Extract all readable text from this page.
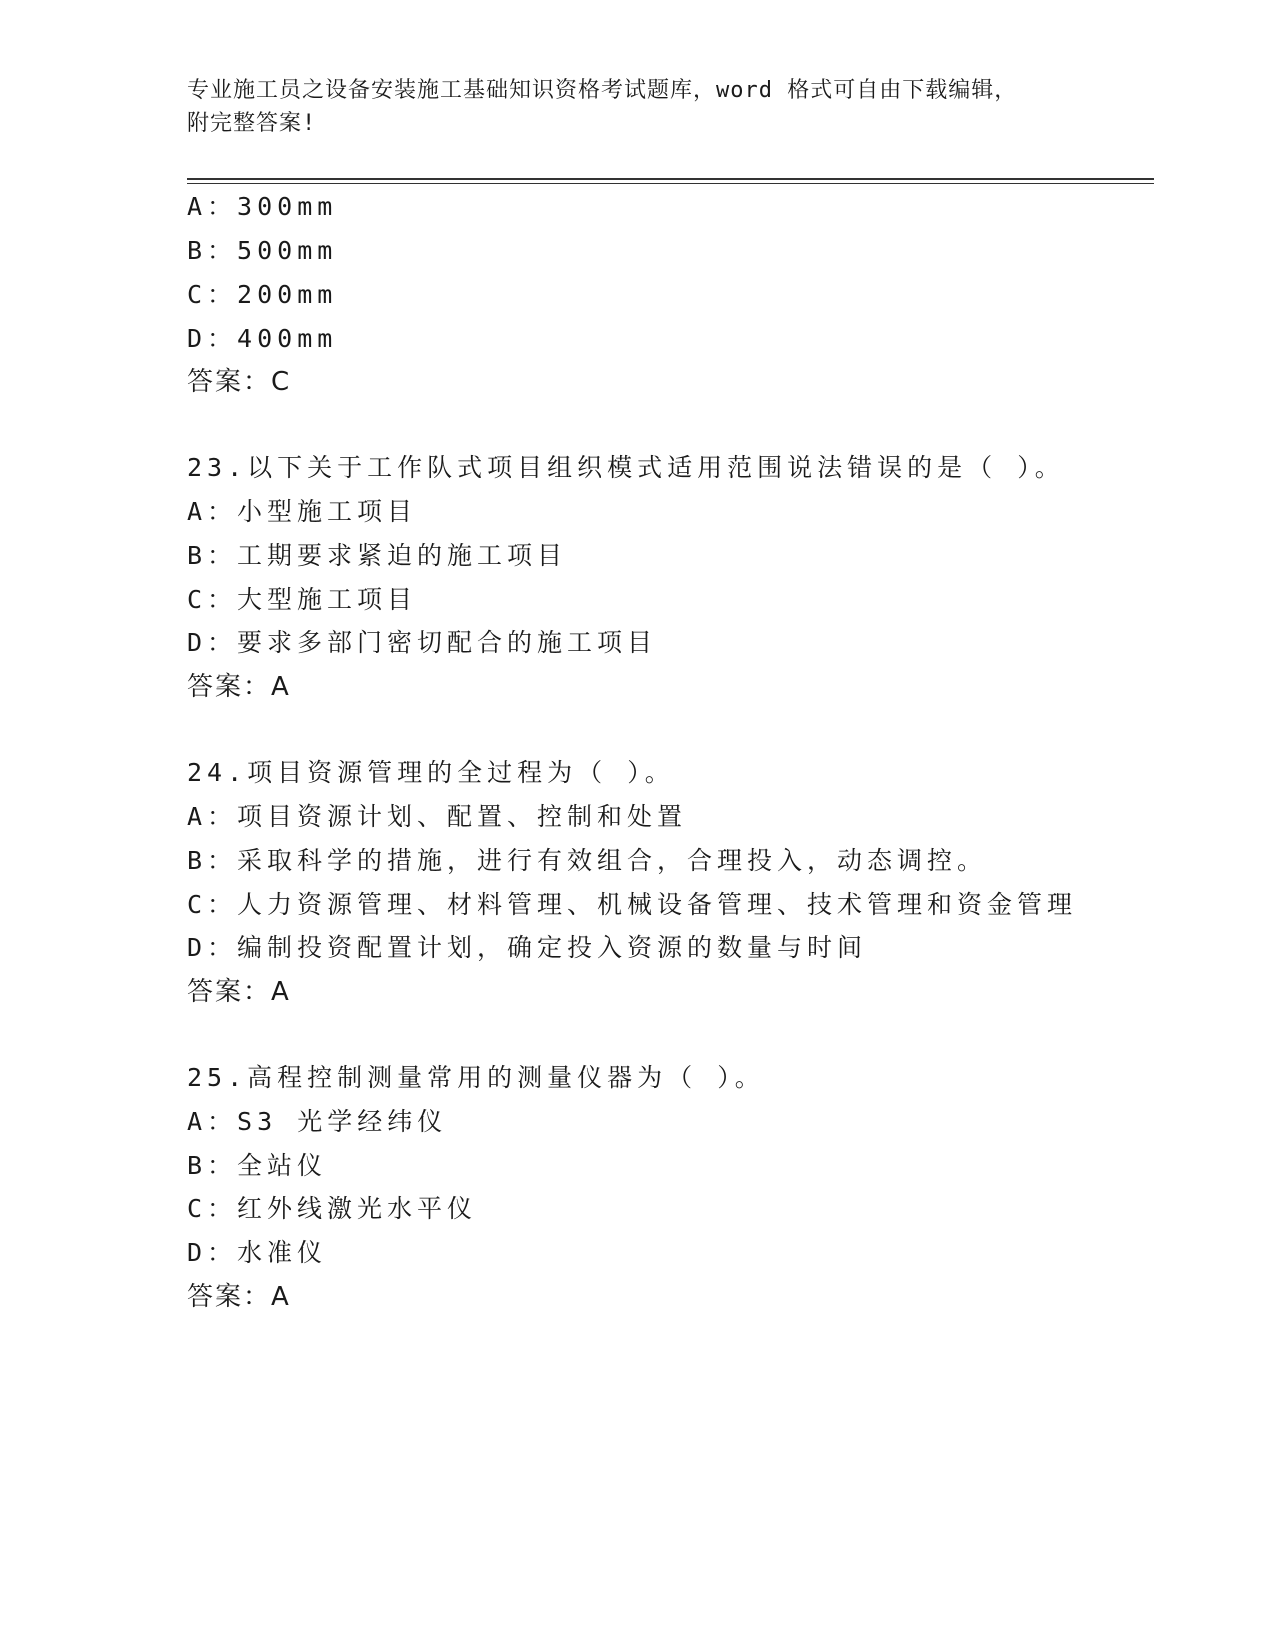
专业施工员之设备安装施工基础知识资格考试题库，word 格式可自由下载编辑，
附完整答案!
A：300mm
B：500mm
C：200mm
D：400mm
答案：C
23.以下关于工作队式项目组织模式适用范围说法错误的是（ ）。
A：小型施工项目
B：工期要求紧迫的施工项目
C：大型施工项目
D：要求多部门密切配合的施工项目
答案：A
24.项目资源管理的全过程为（ ）。
A：项目资源计划、配置、控制和处置
B：采取科学的措施，进行有效组合，合理投入，动态调控。
C：人力资源管理、材料管理、机械设备管理、技术管理和资金管理
D：编制投资配置计划，确定投入资源的数量与时间
答案：A
25.高程控制测量常用的测量仪器为（ ）。
A：S3 光学经纬仪
B：全站仪
C：红外线激光水平仪
D：水准仪
答案：A
